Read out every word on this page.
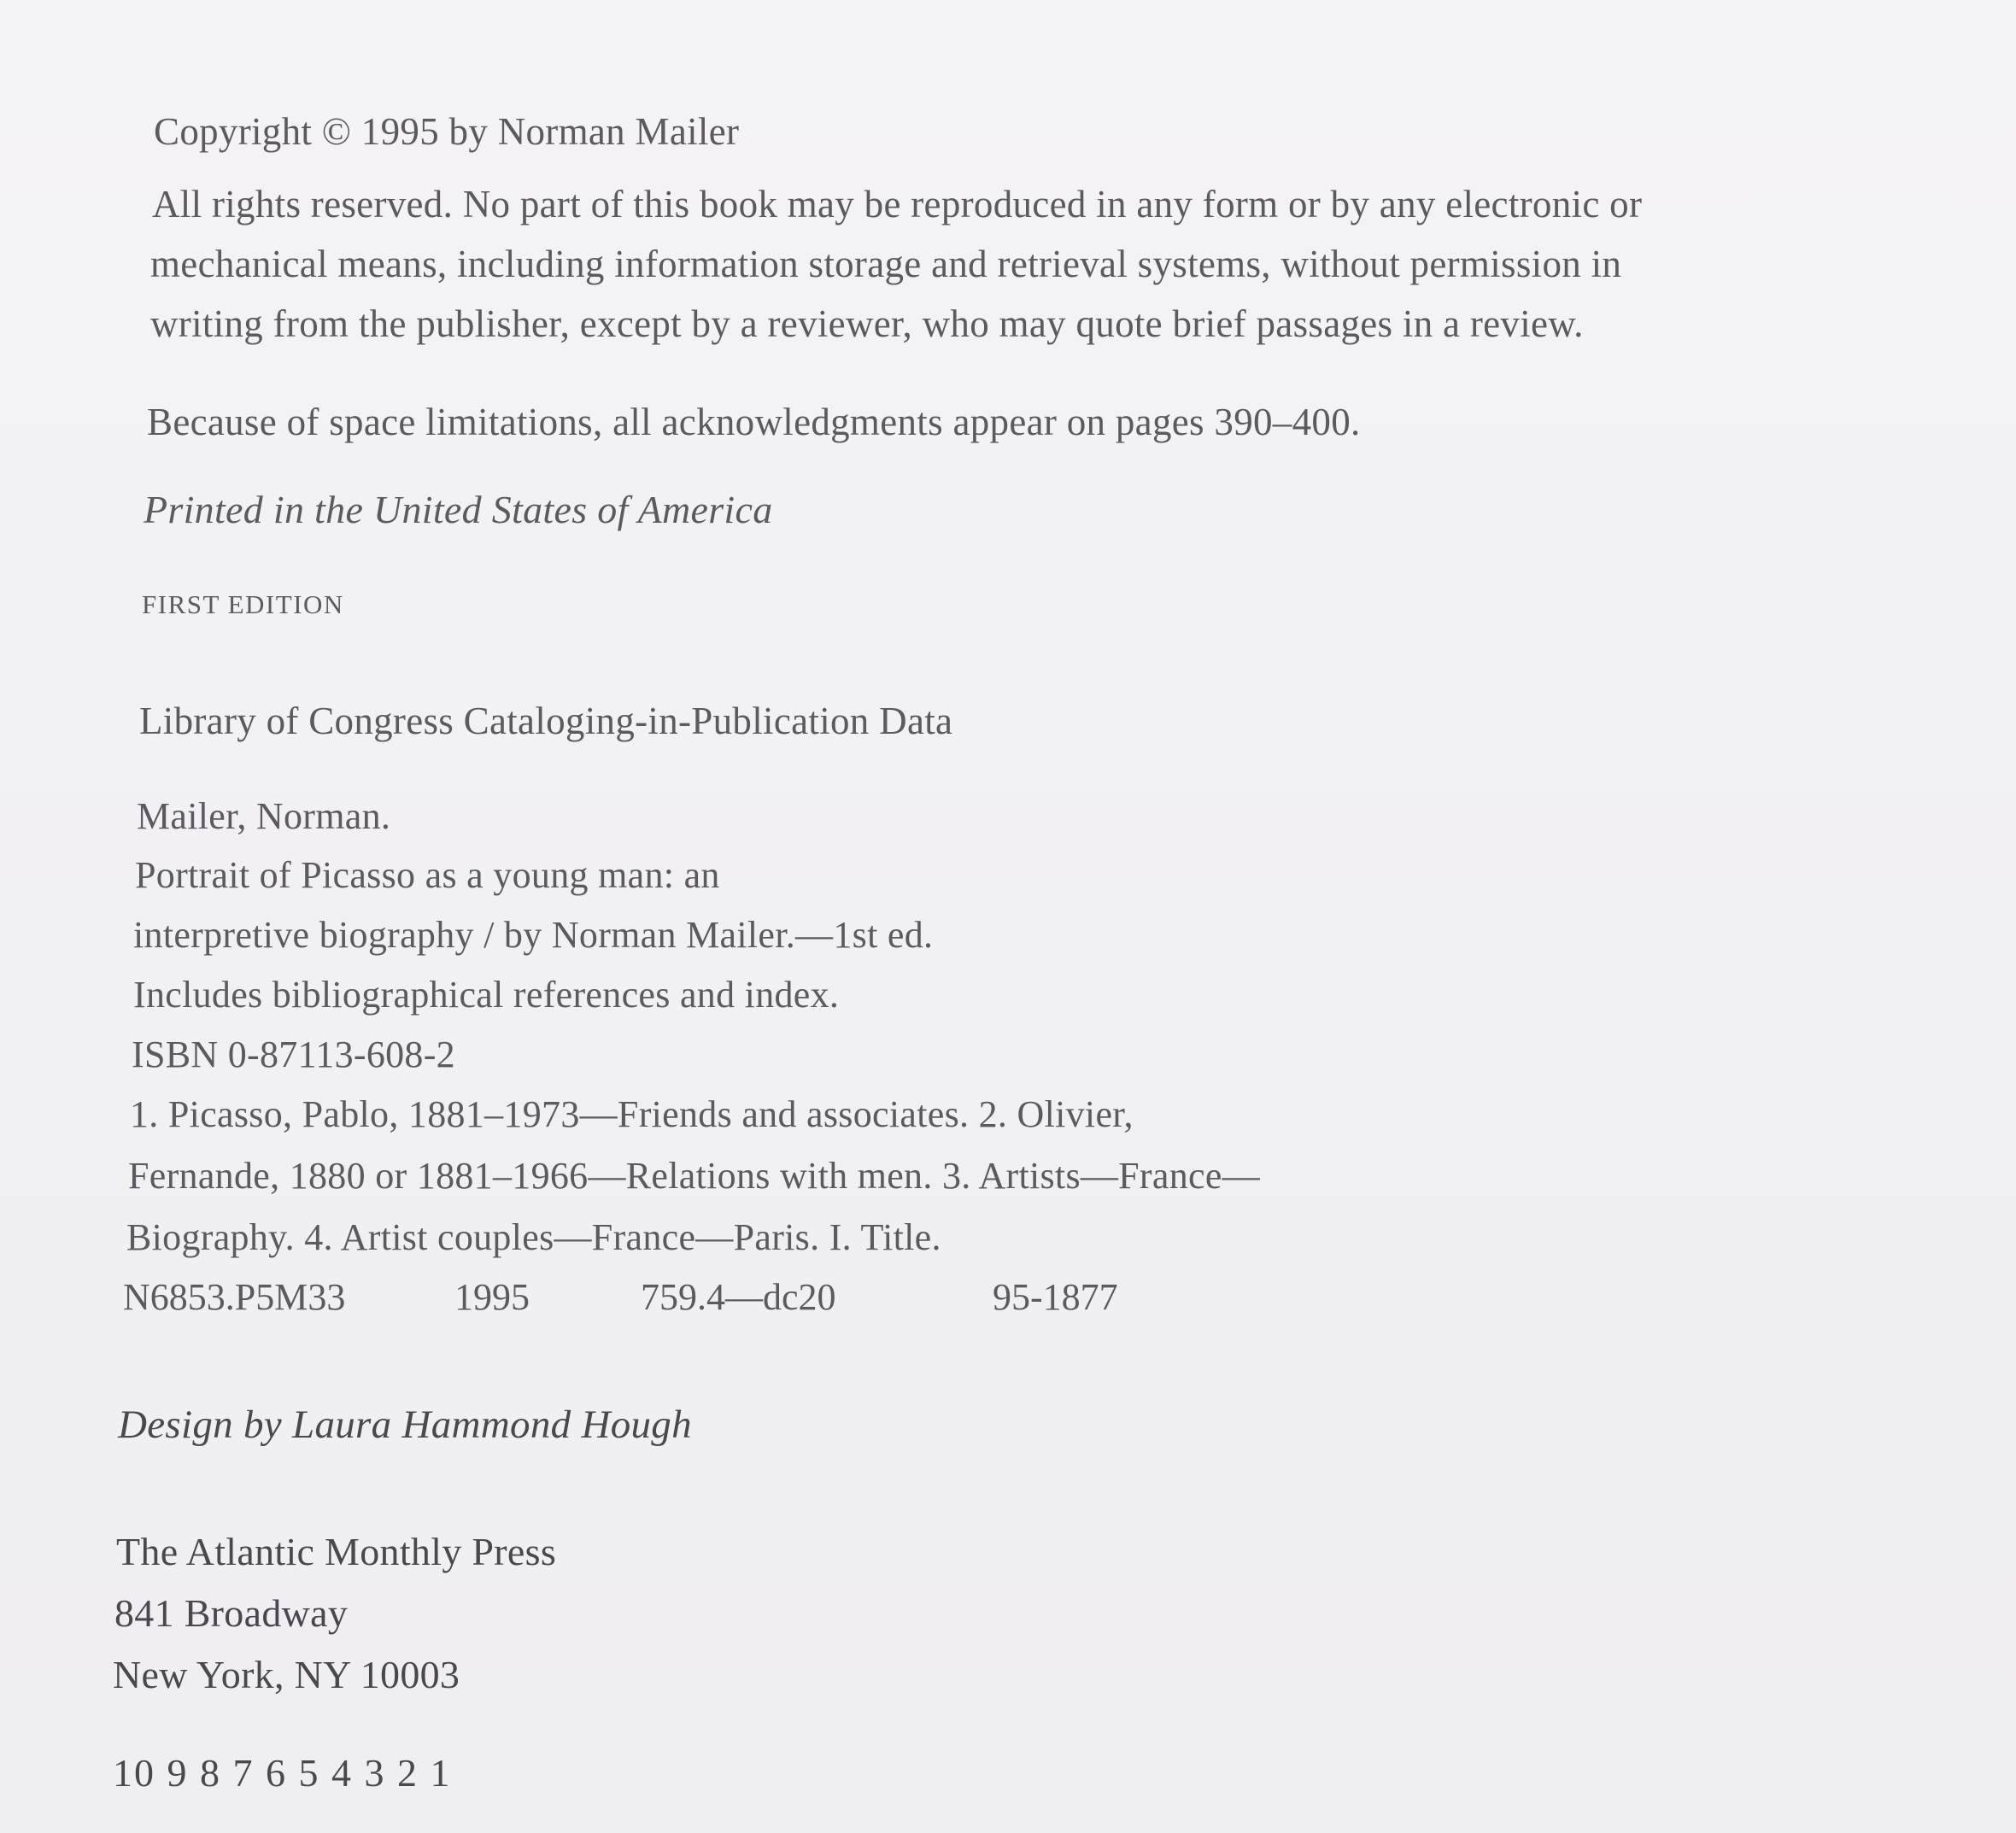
Copyright © 1995 by Norman Mailer
All rights reserved. No part of this book may be reproduced in any form or by any electronic or
mechanical means, including information storage and retrieval systems, without permission in
writing from the publisher, except by a reviewer, who may quote brief passages in a review.
Because of space limitations, all acknowledgments appear on pages 390–400.
Printed in the United States of America
FIRST EDITION
Library of Congress Cataloging-in-Publication Data
Mailer, Norman.
Portrait of Picasso as a young man: an
interpretive biography / by Norman Mailer.—1st ed.
Includes bibliographical references and index.
ISBN 0-87113-608-2
1. Picasso, Pablo, 1881–1973—Friends and associates. 2. Olivier,
Fernande, 1880 or 1881–1966—Relations with men. 3. Artists—France—
Biography. 4. Artist couples—France—Paris. I. Title.
N6853.P5M33	1995	759.4—dc20	95-1877
Design by Laura Hammond Hough
The Atlantic Monthly Press
841 Broadway
New York, NY 10003
10 9 8 7 6 5 4 3 2 1
